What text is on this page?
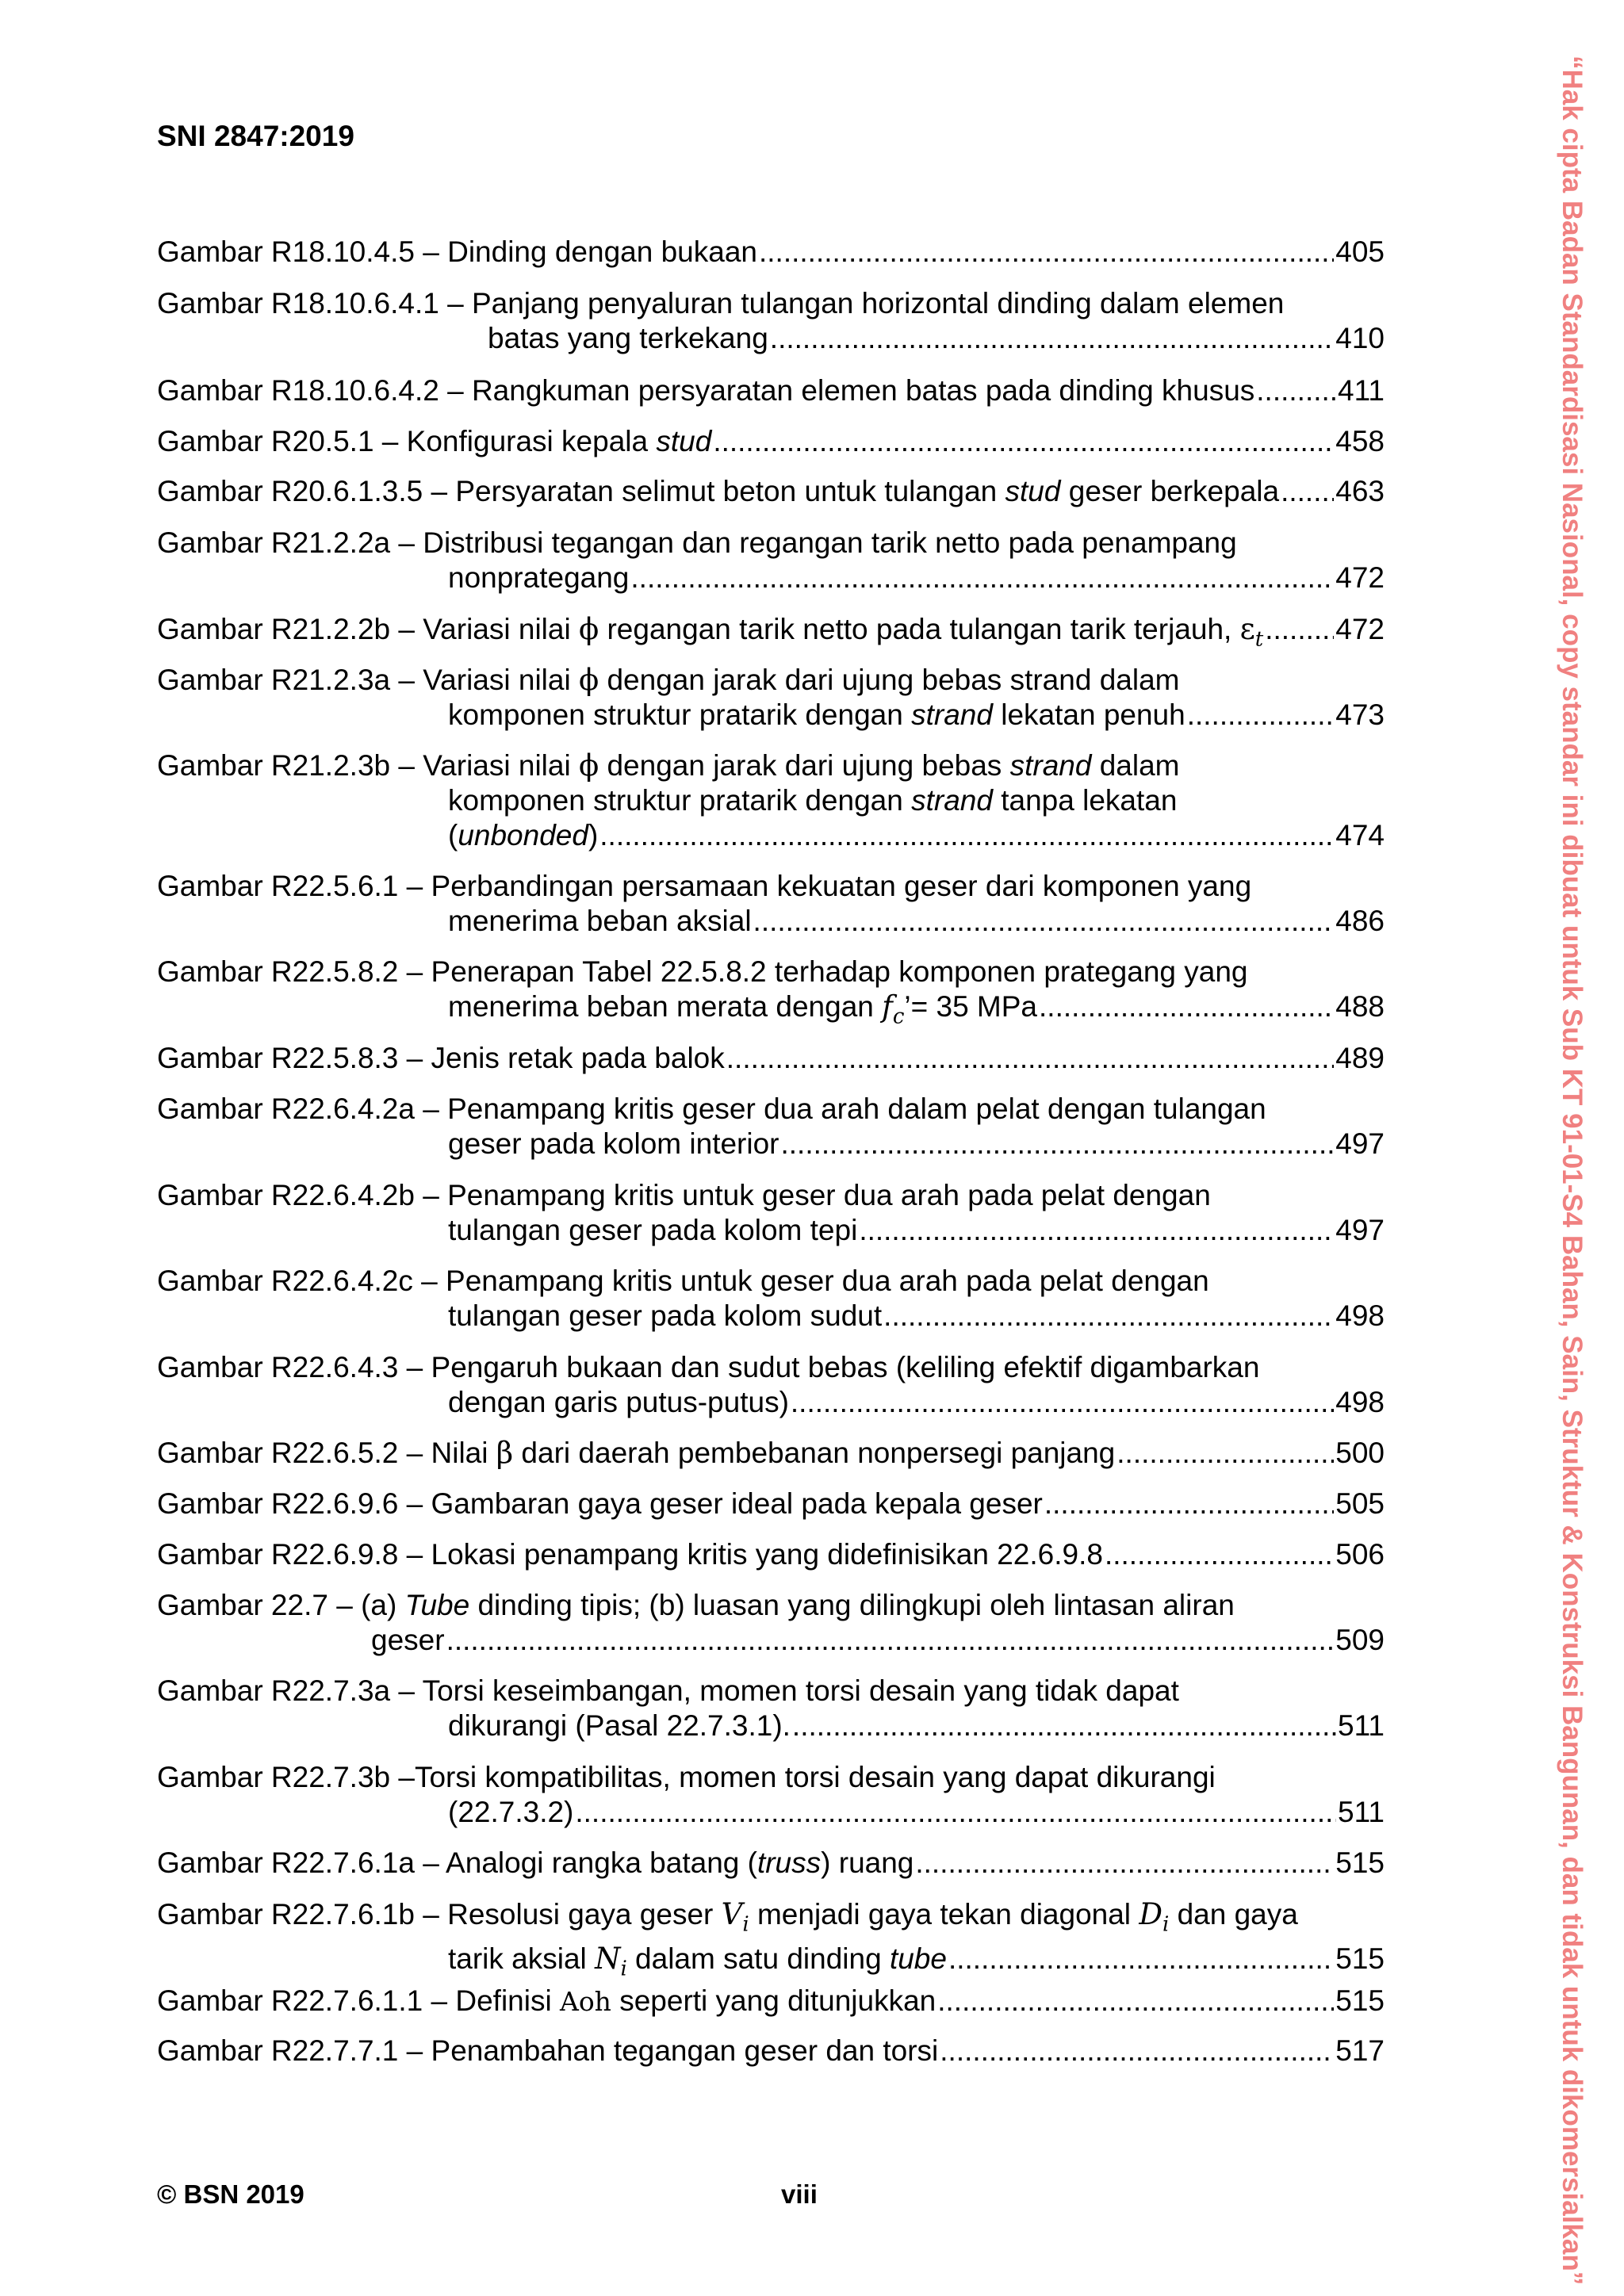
SNI 2847:2019
Gambar R18.10.4.5 – Dinding dengan bukaan .....	405
Gambar R18.10.6.4.1 – Panjang penyaluran tulangan horizontal dinding dalam elemen
batas yang terkekang .....	410
Gambar R18.10.6.4.2 – Rangkuman persyaratan elemen batas pada dinding khusus .....	411
Gambar R20.5.1 – Konfigurasi kepala stud .....	458
Gambar R20.6.1.3.5 – Persyaratan selimut beton untuk tulangan stud geser berkepala ..... 463
Gambar R21.2.2a – Distribusi tegangan dan regangan tarik netto pada penampang
nonprategang .....	472
Gambar R21.2.2b – Variasi nilai ϕ regangan tarik netto pada tulangan tarik terjauh, $\varepsilon_t$ ..... 472
Gambar R21.2.3a – Variasi nilai ϕ dengan jarak dari ujung bebas strand dalam
komponen struktur pratarik dengan strand lekatan penuh .....	473
Gambar R21.2.3b – Variasi nilai ϕ dengan jarak dari ujung bebas strand dalam
komponen struktur pratarik dengan strand tanpa lekatan
(unbonded) .....	474
Gambar R22.5.6.1 – Perbandingan persamaan kekuatan geser dari komponen yang
menerima beban aksial .....	486
Gambar R22.5.8.2 – Penerapan Tabel 22.5.8.2 terhadap komponen prategang yang
menerima beban merata dengan $f_c’= 35$ MPa .....	488
Gambar R22.5.8.3 – Jenis retak pada balok .....	489
Gambar R22.6.4.2a – Penampang kritis geser dua arah dalam pelat dengan tulangan
geser pada kolom interior .....	497
Gambar R22.6.4.2b – Penampang kritis untuk geser dua arah pada pelat dengan
tulangan geser pada kolom tepi .....	497
Gambar R22.6.4.2c – Penampang kritis untuk geser dua arah pada pelat dengan
tulangan geser pada kolom sudut .....	498
Gambar R22.6.4.3 – Pengaruh bukaan dan sudut bebas (keliling efektif digambarkan
dengan garis putus-putus) .....	498
Gambar R22.6.5.2 – Nilai β dari daerah pembebanan nonpersegi panjang .....	500
Gambar R22.6.9.6 – Gambaran gaya geser ideal pada kepala geser .....	505
Gambar R22.6.9.8 – Lokasi penampang kritis yang didefinisikan 22.6.9.8 .....	506
Gambar 22.7 – (a) Tube dinding tipis; (b) luasan yang dilingkupi oleh lintasan aliran
geser .....	509
Gambar R22.7.3a – Torsi keseimbangan, momen torsi desain yang tidak dapat
dikurangi (Pasal 22.7.3.1). .....	511
Gambar R22.7.3b –Torsi kompatibilitas, momen torsi desain yang dapat dikurangi
(22.7.3.2) .....	511
Gambar R22.7.6.1a – Analogi rangka batang (truss) ruang .....	515
Gambar R22.7.6.1b – Resolusi gaya geser $V_i$ menjadi gaya tekan diagonal $D_i$ dan gaya
tarik aksial $N_i$ dalam satu dinding tube .....	515
Gambar R22.7.6.1.1 – Definisi Aoh seperti yang ditunjukkan .....	515
Gambar R22.7.7.1 – Penambahan tegangan geser dan torsi .....	517
© BSN 2019	viii	“Hak cipta Badan Standardisasi Nasional, copy standar ini dibuat untuk Sub KT 91-01-S4 Bahan, Sain, Struktur & Konstruksi Bangunan, dan tidak untuk dikomersialkan”
